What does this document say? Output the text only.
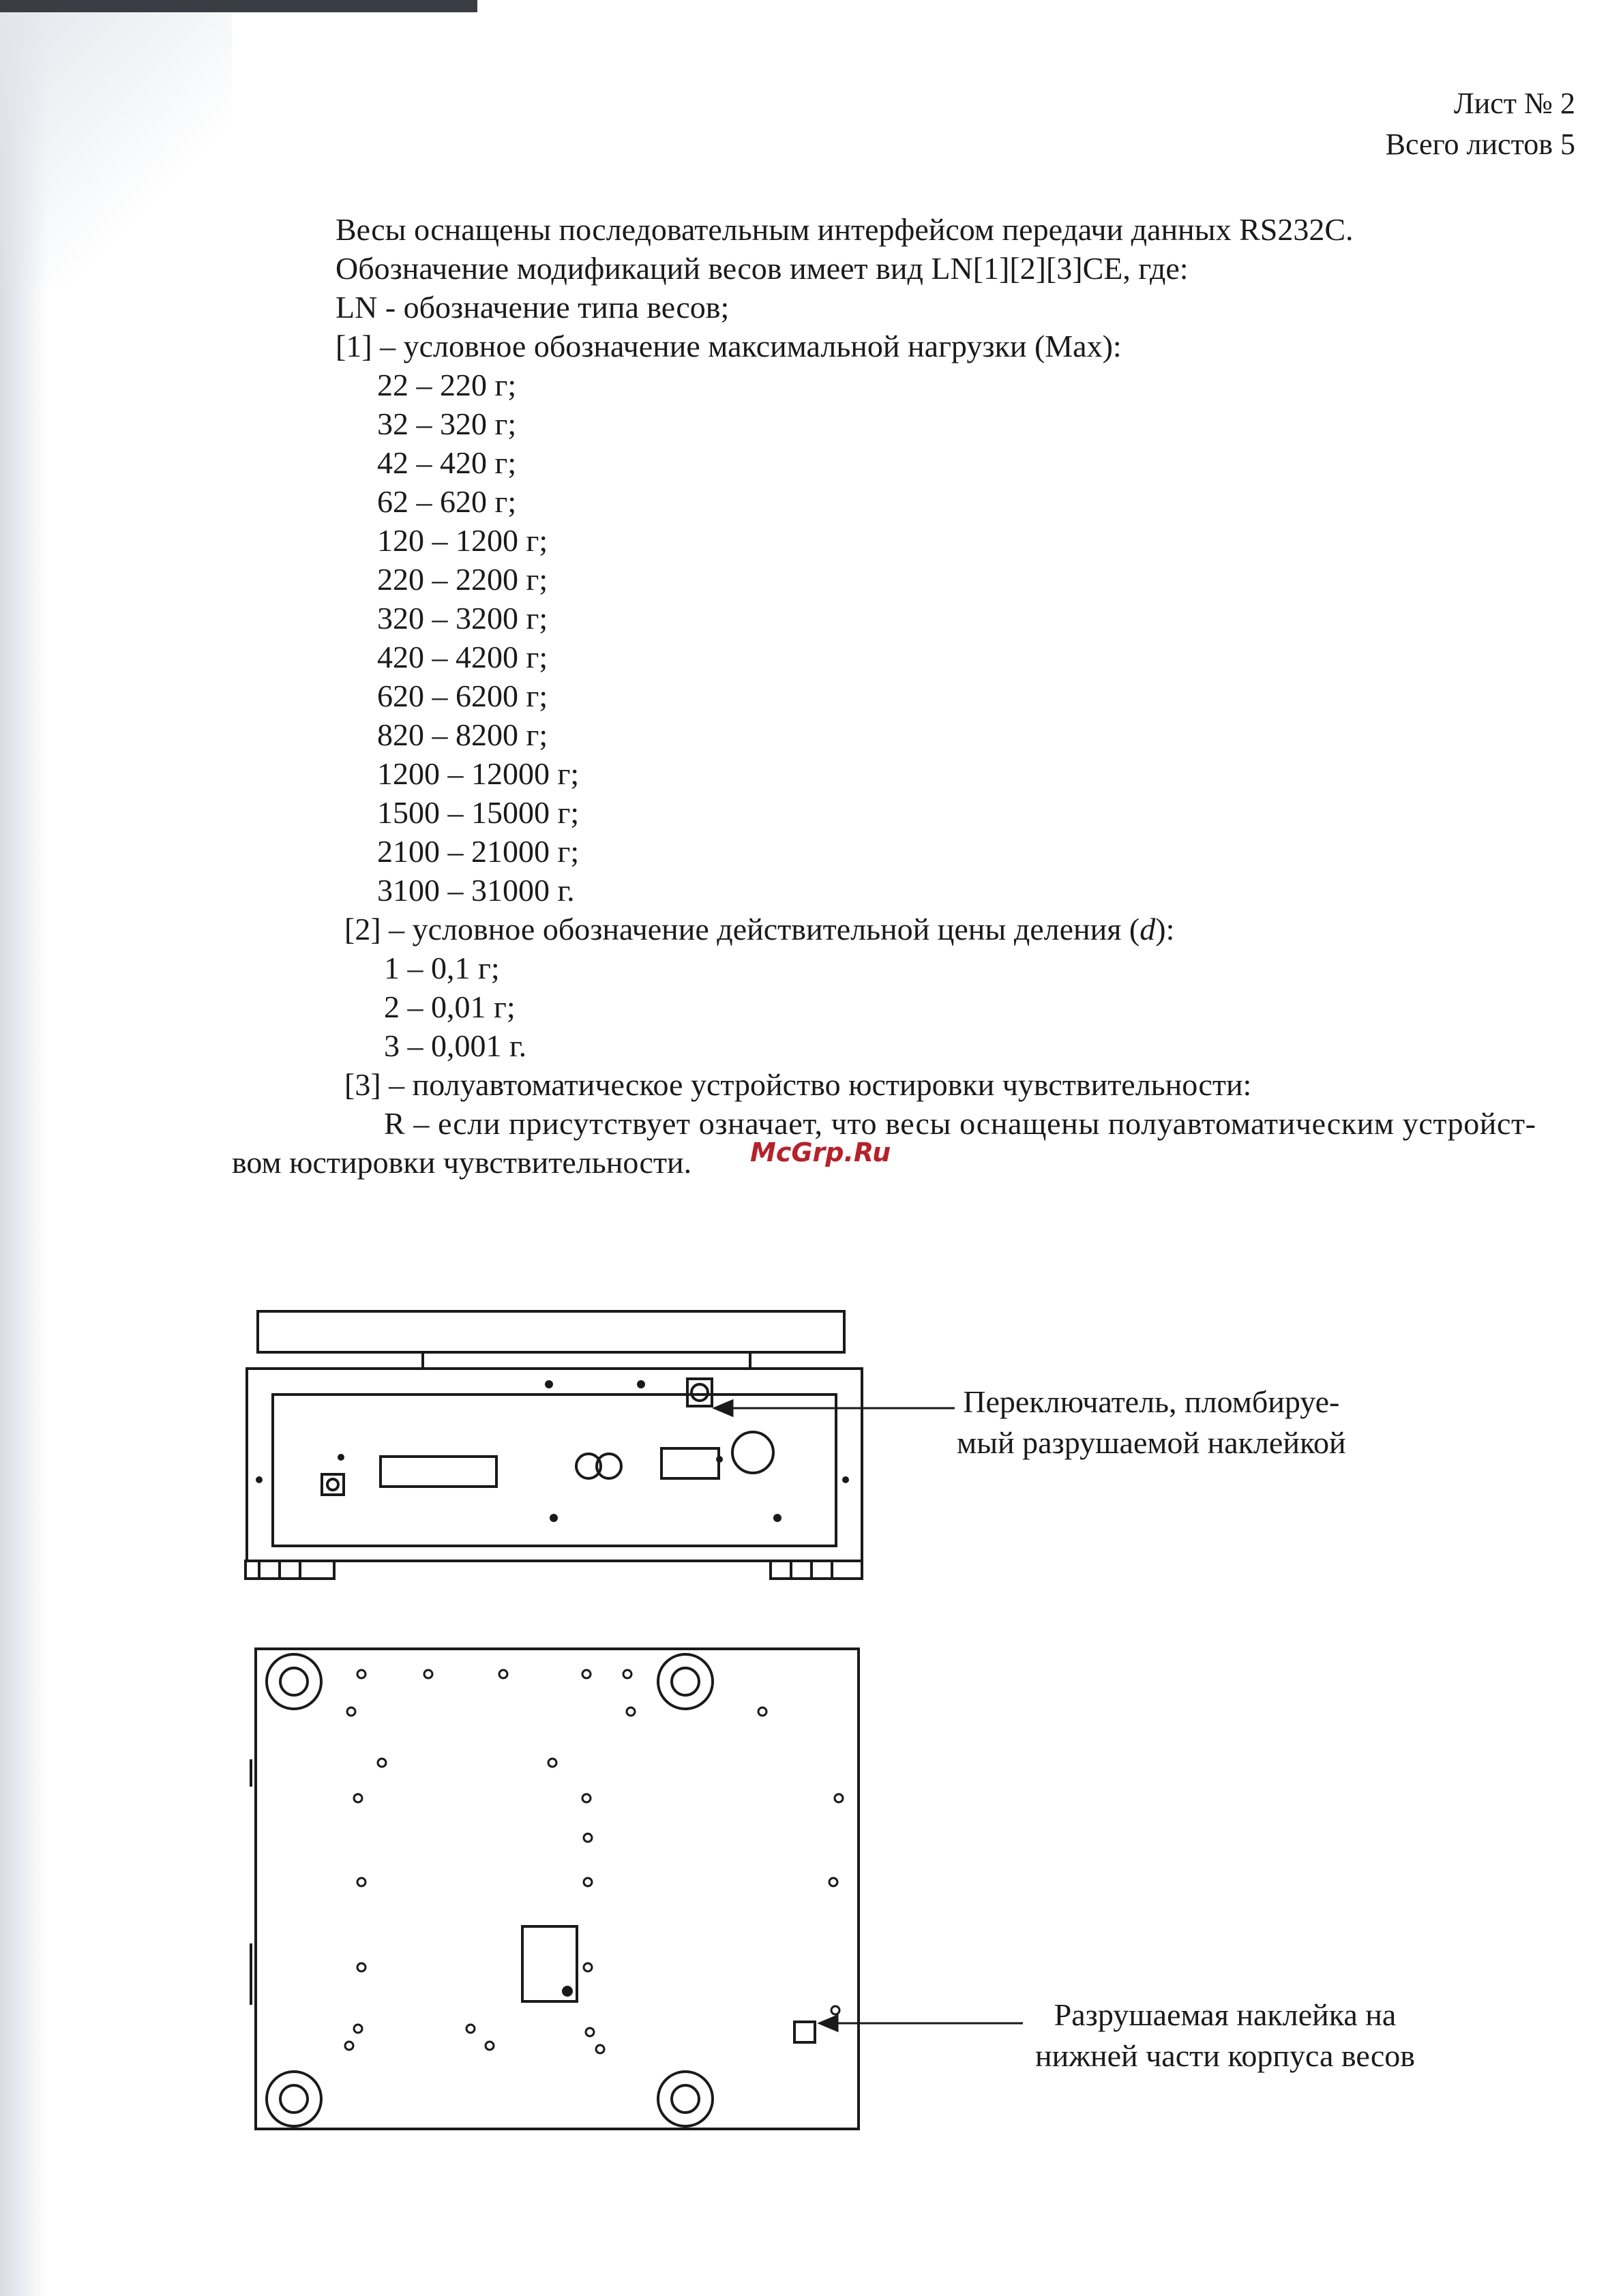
Лист № 2
Всего листов 5
Весы оснащены последовательным интерфейсом передачи данных RS232C.
Обозначение модификаций весов имеет вид LN[1][2][3]CE, где:
LN - обозначение типа весов;
[1] – условное обозначение максимальной нагрузки (Max):
22 – 220 г;
32 – 320 г;
42 – 420 г;
62 – 620 г;
120 – 1200 г;
220 – 2200 г;
320 – 3200 г;
420 – 4200 г;
620 – 6200 г;
820 – 8200 г;
1200 – 12000 г;
1500 – 15000 г;
2100 – 21000 г;
3100 – 31000 г.
[2] – условное обозначение действительной цены деления (d):
1 – 0,1 г;
2 – 0,01 г;
3 – 0,001 г.
[3] – полуавтоматическое устройство юстировки чувствительности:
R – если присутствует означает, что весы оснащены полуавтоматическим устройст-
вом юстировки чувствительности. McGrp.Ru
Переключатель, пломбируе-
мый разрушаемой наклейкой
Разрушаемая наклейка на
нижней части корпуса весов
